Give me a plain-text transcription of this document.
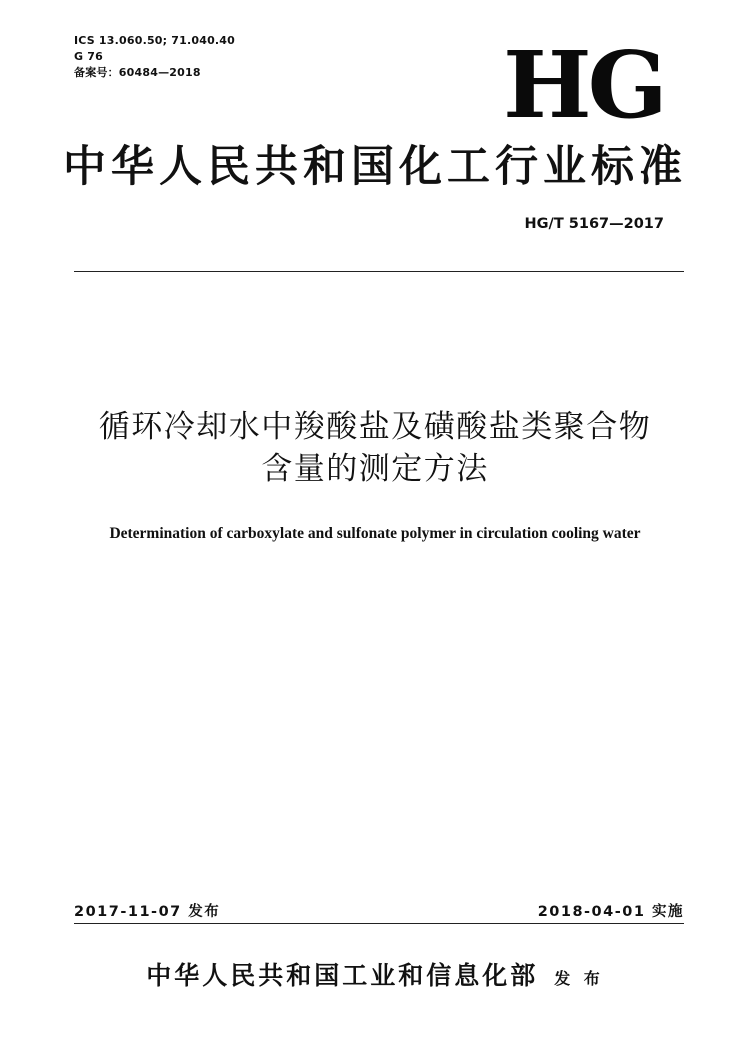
ICS 13.060.50; 71.040.40
G 76
备案号：60484—2018	HG
中华人民共和国化工行业标准
HG/T 5167—2017
循环冷却水中羧酸盐及磺酸盐类聚合物
含量的测定方法
Determination of carboxylate and sulfonate polymer in circulation cooling water
2017-11-07 发布	2018-04-01 实施
中华人民共和国工业和信息化部 发 布
